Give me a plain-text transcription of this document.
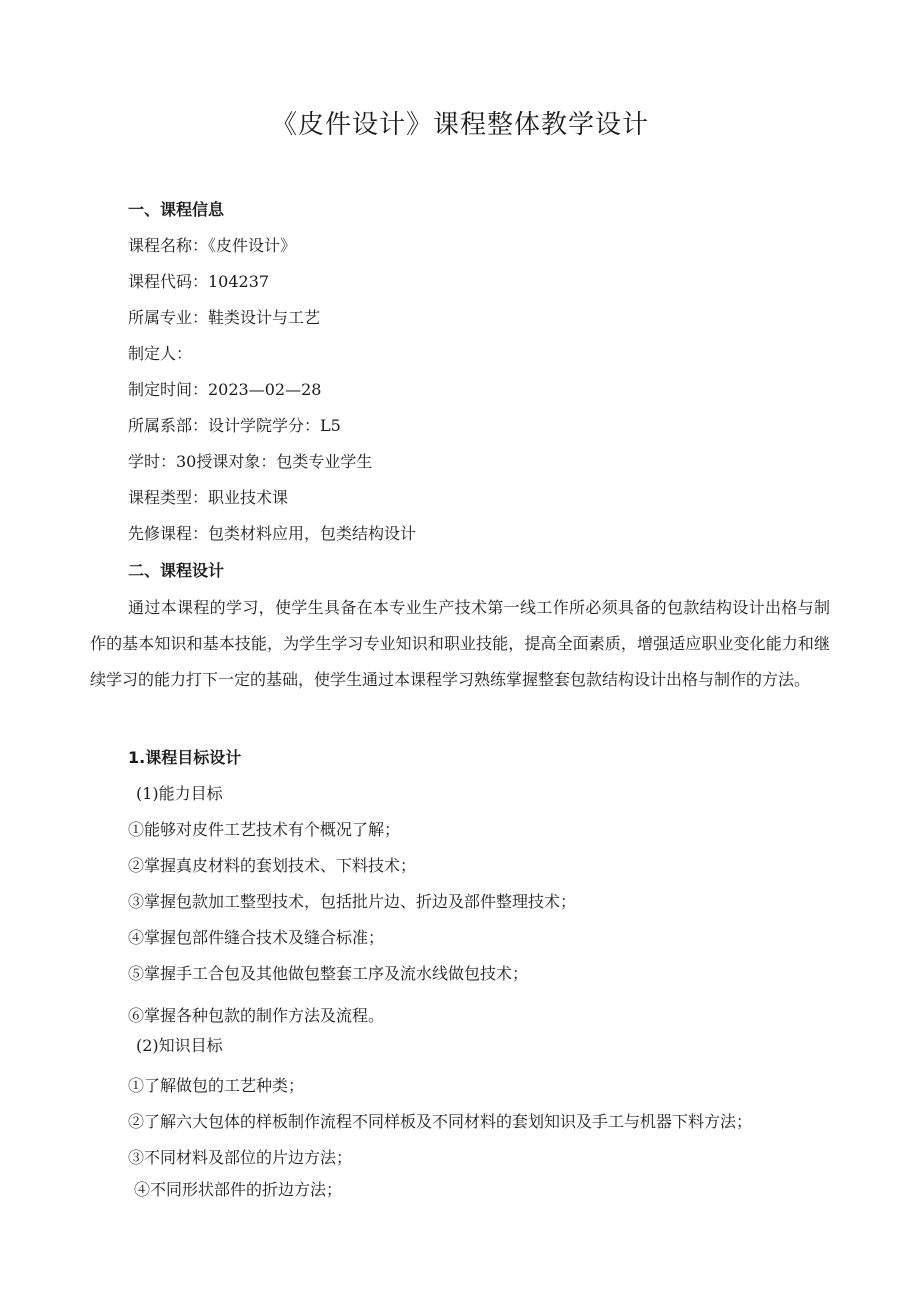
《皮件设计》课程整体教学设计
一、课程信息
课程名称：《皮件设计》
课程代码：104237
所属专业：鞋类设计与工艺
制定人：
制定时间：2023—02—28
所属系部：设计学院学分：L5
学时：30授课对象：包类专业学生
课程类型：职业技术课
先修课程：包类材料应用，包类结构设计
二、课程设计
通过本课程的学习，使学生具备在本专业生产技术第一线工作所必须具备的包款结构设计出格与制作的基本知识和基本技能，为学生学习专业知识和职业技能，提高全面素质，增强适应职业变化能力和继续学习的能力打下一定的基础，使学生通过本课程学习熟练掌握整套包款结构设计出格与制作的方法。
1.课程目标设计
(1)能力目标
①能够对皮件工艺技术有个概况了解；
②掌握真皮材料的套划技术、下料技术；
③掌握包款加工整型技术，包括批片边、折边及部件整理技术；
④掌握包部件缝合技术及缝合标准；
⑤掌握手工合包及其他做包整套工序及流水线做包技术；
⑥掌握各种包款的制作方法及流程。
(2)知识目标
①了解做包的工艺种类；
②了解六大包体的样板制作流程不同样板及不同材料的套划知识及手工与机器下料方法；
③不同材料及部位的片边方法；
④不同形状部件的折边方法；
